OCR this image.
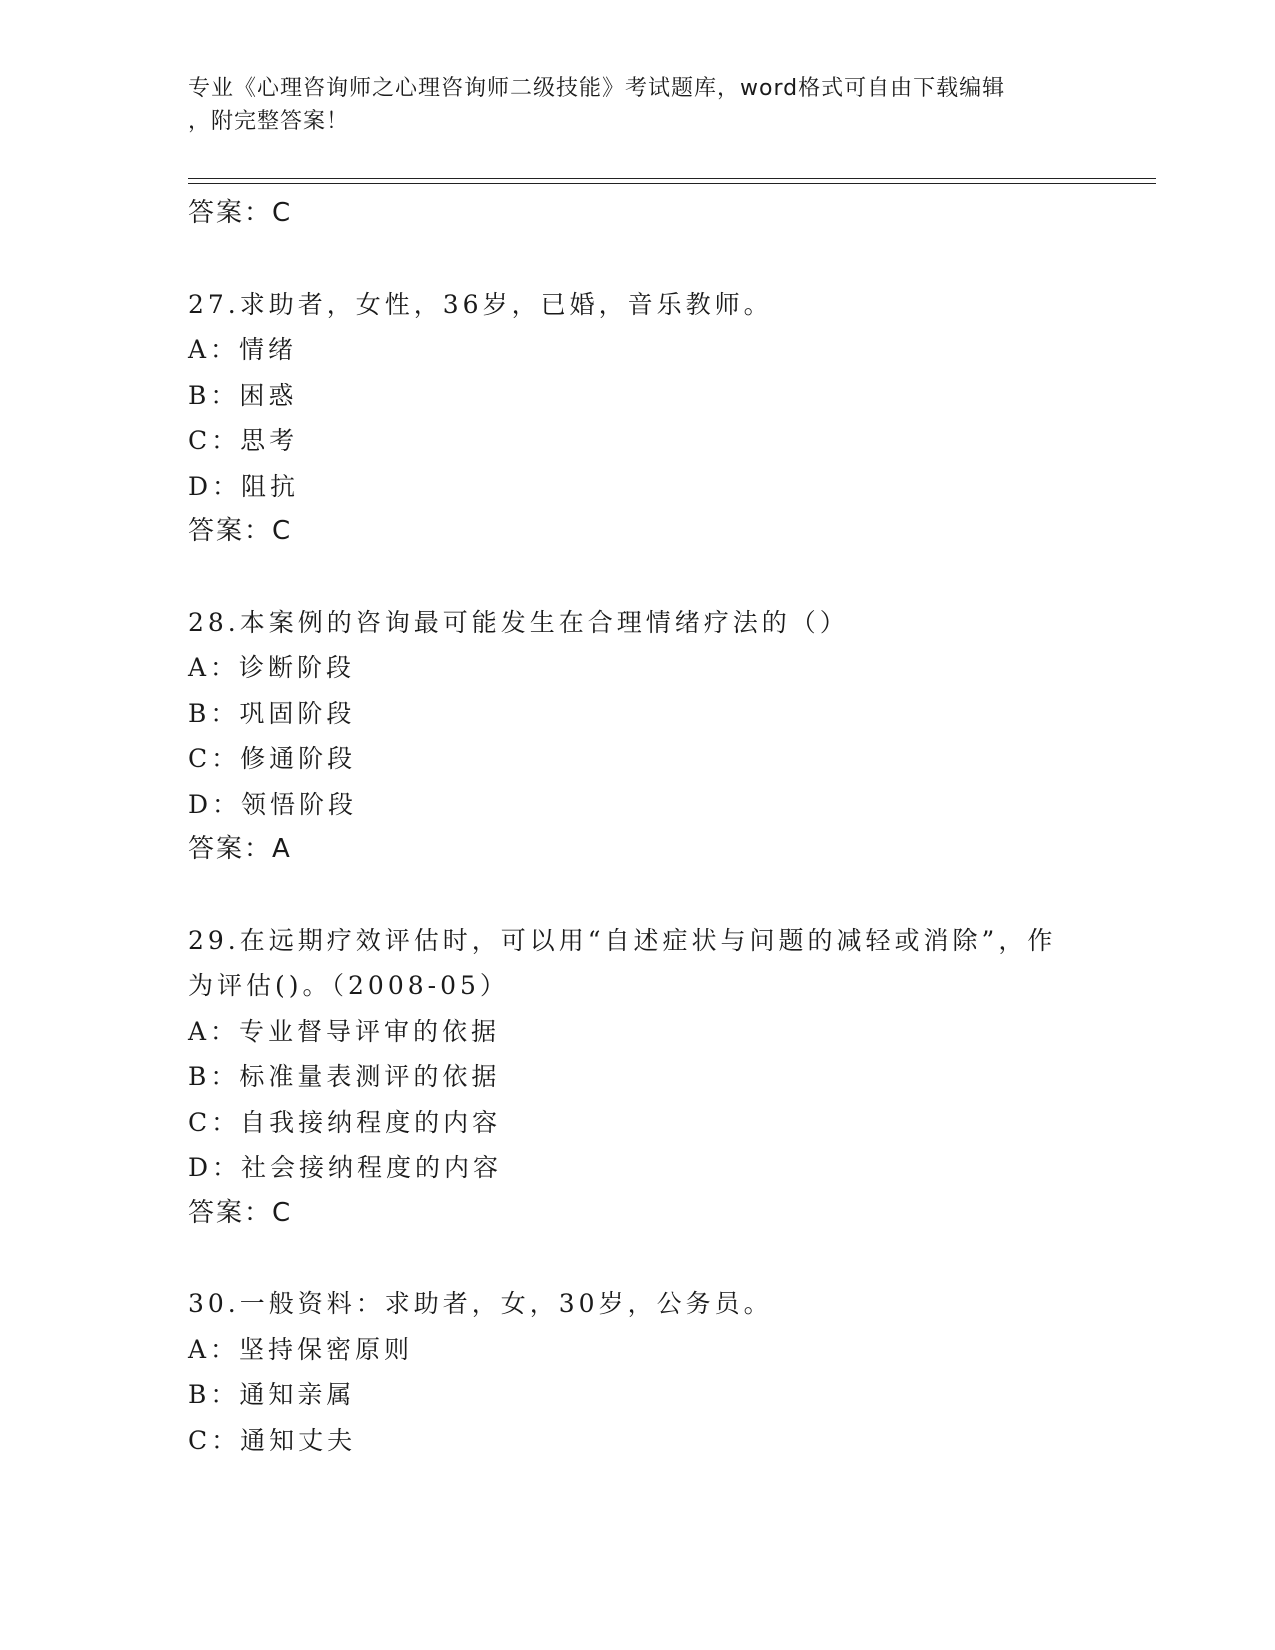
专业《心理咨询师之心理咨询师二级技能》考试题库，word格式可自由下载编辑
，附完整答案！
答案：C
27.求助者，女性，36岁，已婚，音乐教师。
A：情绪
B：困惑
C：思考
D：阻抗
答案：C
28.本案例的咨询最可能发生在合理情绪疗法的（）
A：诊断阶段
B：巩固阶段
C：修通阶段
D：领悟阶段
答案：A
29.在远期疗效评估时，可以用“自述症状与问题的减轻或消除”，作
为评估()。（2008-05）
A：专业督导评审的依据
B：标准量表测评的依据
C：自我接纳程度的内容
D：社会接纳程度的内容
答案：C
30.一般资料：求助者，女，30岁，公务员。
A：坚持保密原则
B：通知亲属
C：通知丈夫
